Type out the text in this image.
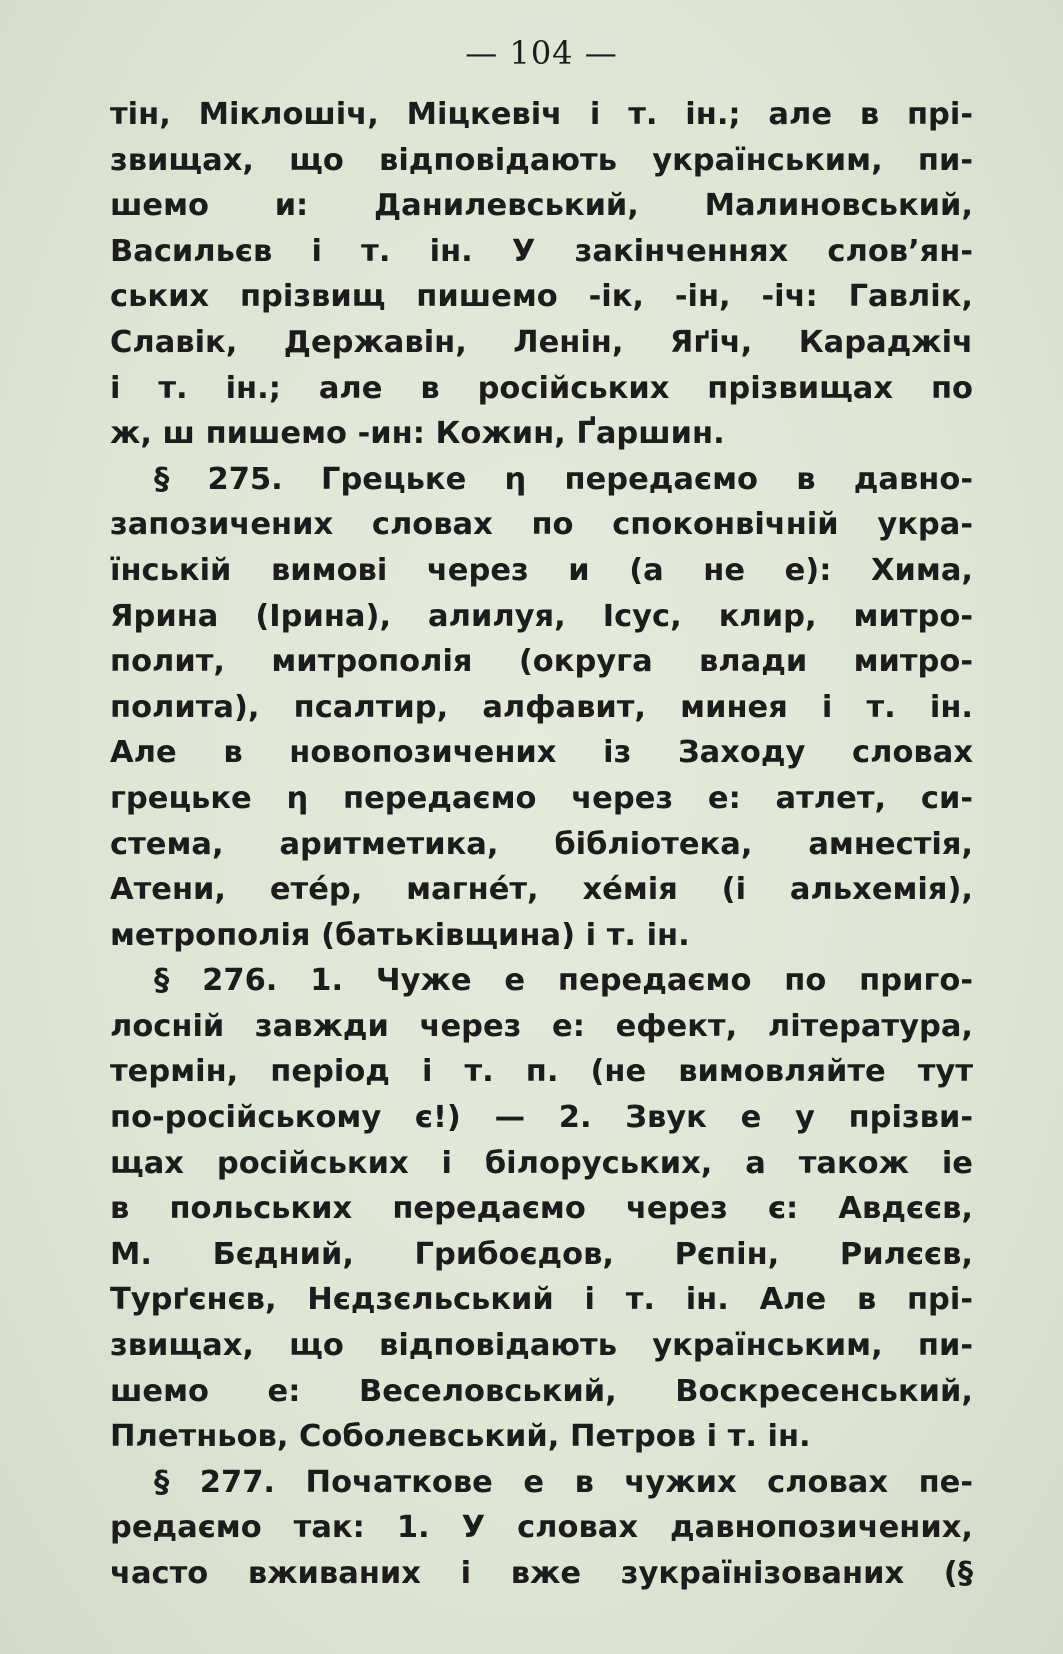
— 104 —
тін, Міклошіч, Міцкевіч і т. ін.; але в прі-
звищах, що відповідають українським, пи-
шемо и: Данилевський, Малиновський,
Васильєв і т. ін. У закінченнях слов’ян-
ських прізвищ пишемо -ік, -ін, -іч: Гавлік,
Славік, Державін, Ленін, Яґіч, Караджіч
і т. ін.; але в російських прізвищах по
ж, ш пишемо -ин: Кожин, Ґаршин.
§ 275. Грецьке η передаємо в давно-
запозичених словах по споконвічній укра-
їнській вимові через и (а не е): Хима,
Ярина (Ірина), алилуя, Ісус, клир, митро-
полит, митрополія (округа влади митро-
полита), псалтир, алфавит, минея і т. ін.
Але в новопозичених із Заходу словах
грецьке η передаємо через е: атлет, си-
стема, аритметика, бібліотека, амнестія,
Атени, етéр, магнéт, хéмія (і альхемія),
метрополія (батьківщина) і т. ін.
§ 276. 1. Чуже е передаємо по пригo-
лосній завжди через е: ефект, література,
термін, період і т. п. (не вимовляйте тут
по-російському є!) — 2. Звук е у прізви-
щах російських і білоруських, а також іе
в польських передаємо через є: Авдєєв,
М. Бєдний, Грибоєдов, Рєпін, Рилєєв,
Турґєнєв, Нєдзєльський і т. ін. Але в прі-
звищах, що відповідають українським, пи-
шемо е: Веселовський, Воскресенський,
Плетньов, Соболевський, Петров і т. ін.
§ 277. Початкове е в чужих словах пе-
редаємо так: 1. У словах давнопозичених,
часто вживаних і вже зукраїнізованих (§
